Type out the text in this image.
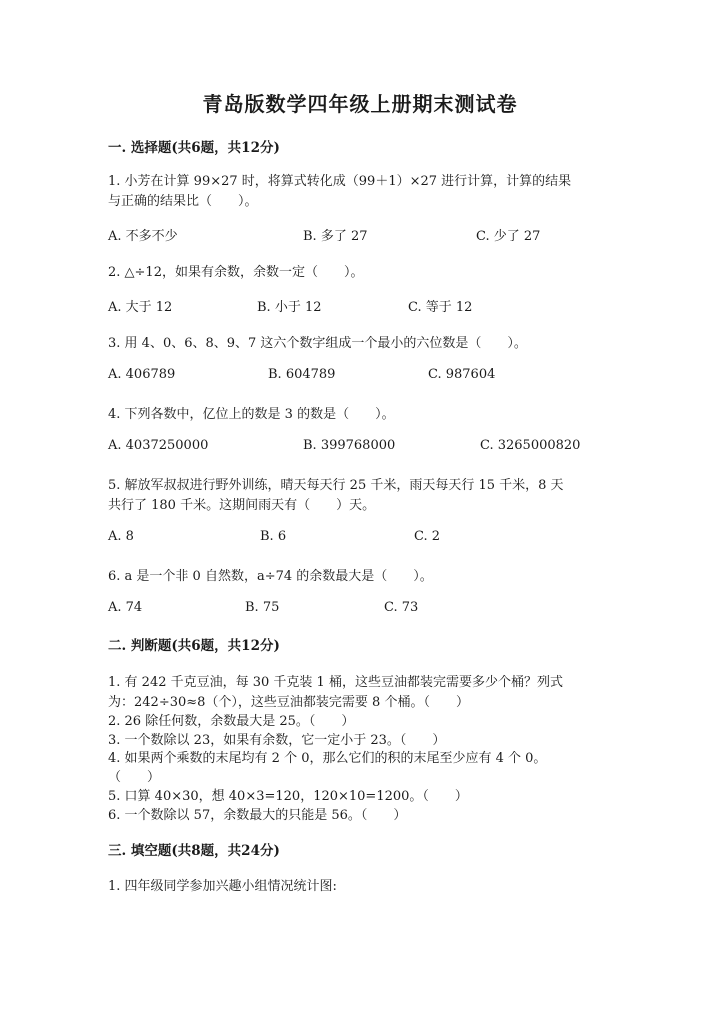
青岛版数学四年级上册期末测试卷
一. 选择题(共6题，共12分)
1. 小芳在计算 99×27 时，将算式转化成（99＋1）×27 进行计算，计算的结果
与正确的结果比（　　）。
A. 不多不少	B. 多了 27	C. 少了 27
2. △÷12，如果有余数，余数一定（　　）。
A. 大于 12	B. 小于 12	C. 等于 12
3. 用 4、0、6、8、9、7 这六个数字组成一个最小的六位数是（　　）。
A. 406789	B. 604789	C. 987604
4. 下列各数中，亿位上的数是 3 的数是（　　）。
A. 4037250000	B. 399768000	C. 3265000820
5. 解放军叔叔进行野外训练，晴天每天行 25 千米，雨天每天行 15 千米，8 天
共行了 180 千米。这期间雨天有（　　）天。
A. 8	B. 6	C. 2
6. a 是一个非 0 自然数，a÷74 的余数最大是（　　）。
A. 74	B. 75	C. 73
二. 判断题(共6题，共12分)
1. 有 242 千克豆油，每 30 千克装 1 桶，这些豆油都装完需要多少个桶？列式
为：242÷30≈8（个），这些豆油都装完需要 8 个桶。（　　）
2. 26 除任何数，余数最大是 25。（　　）
3. 一个数除以 23，如果有余数，它一定小于 23。（　　）
4. 如果两个乘数的末尾均有 2 个 0，那么它们的积的末尾至少应有 4 个 0。
（　　）
5. 口算 40×30，想 40×3=120，120×10=1200。（　　）
6. 一个数除以 57，余数最大的只能是 56。（　　）
三. 填空题(共8题，共24分)
1. 四年级同学参加兴趣小组情况统计图:
